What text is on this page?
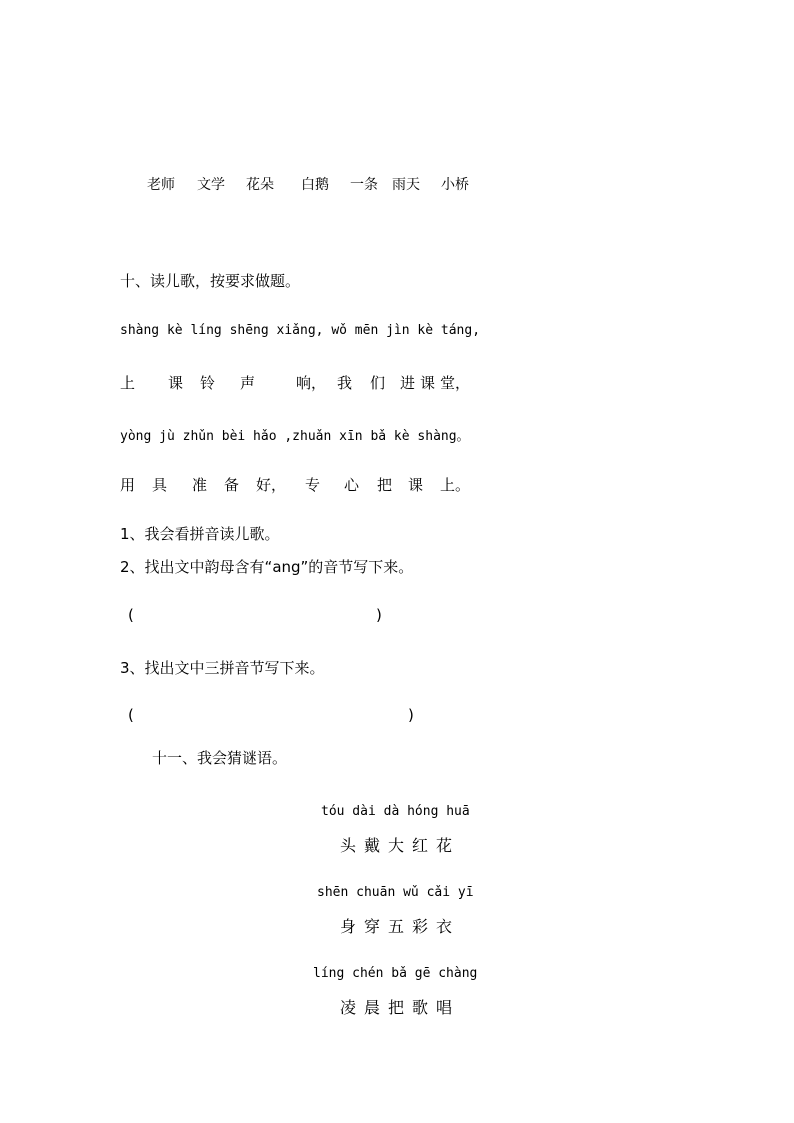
老师 文学 花朵 白鹅 一条 雨天 小桥
十、读儿歌，按要求做题。
shàng kè líng shēng xiǎng, wǒ mēn jìn kè táng,
上 课 铃 声	响， 我 们 进 课 堂，
yòng jù zhǔn bèi hǎo ,zhuǎn xīn bǎ kè shàng。
用 具 准 备 好， 专 心 把 课 上。
1、我会看拼音读儿歌。
2、找出文中韵母含有“ang”的音节写下来。
(	)
3、找出文中三拼音节写下来。
(	)
十一、我会猜谜语。
tóu dài dà hóng huā
头戴大红花
shēn chuān wǔ cǎi yī
身穿五彩衣
líng chén bǎ gē chàng
凌晨把歌唱
